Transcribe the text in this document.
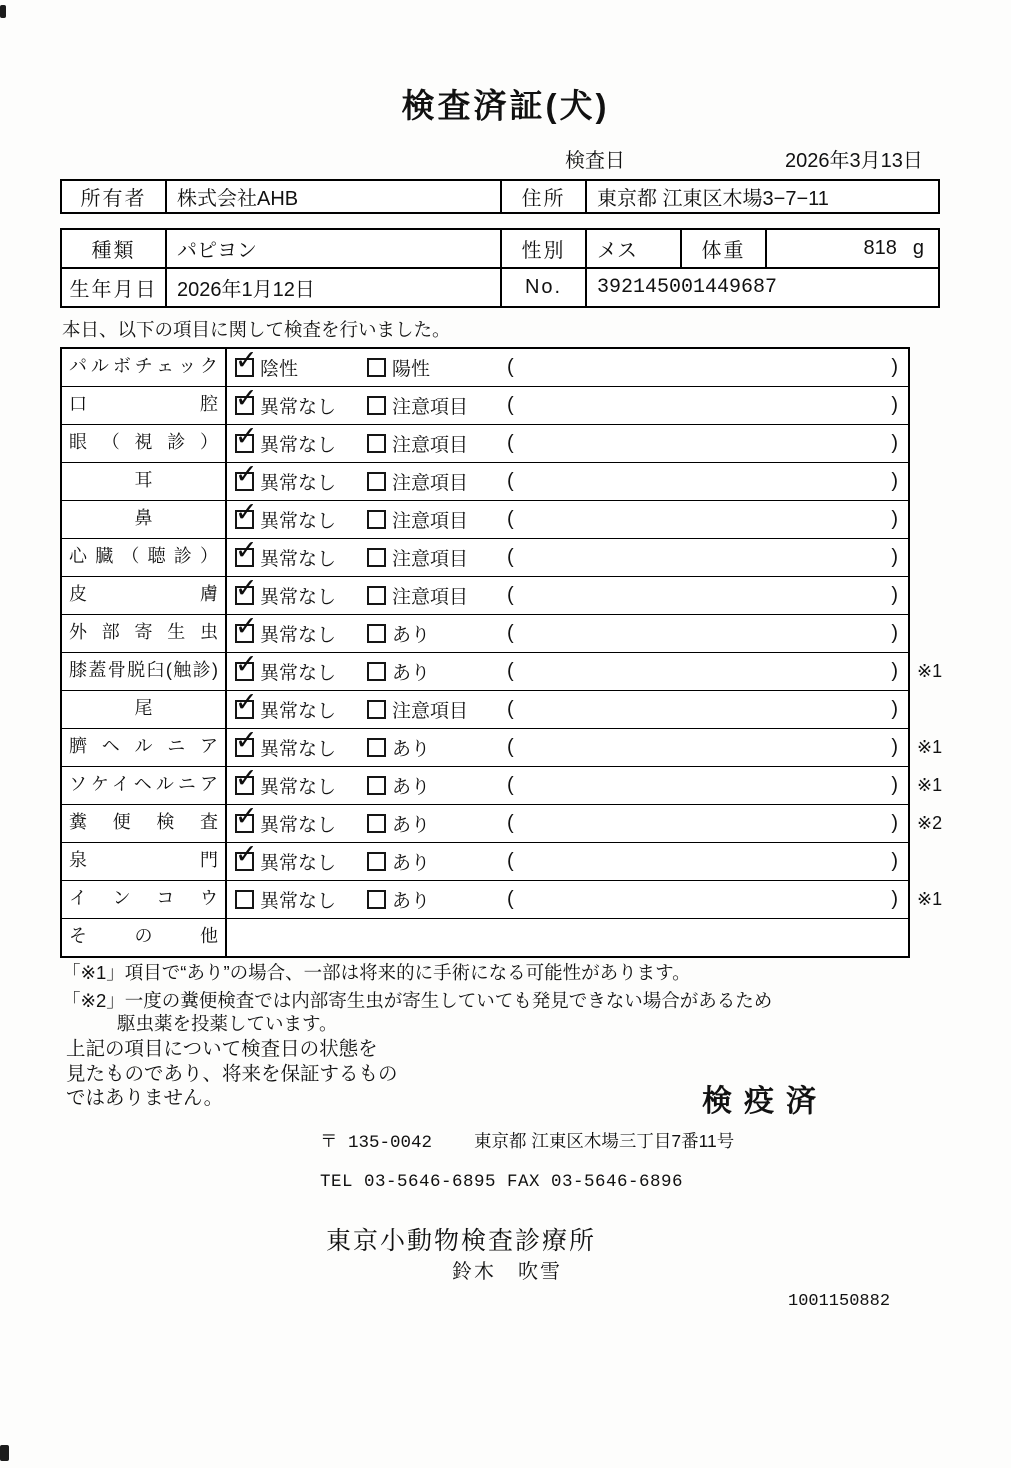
検査済証(犬)
検査日	2026年3月13日
所有者	株式会社AHB	住所	東京都 江東区木場3−7−11
種類	パピヨン	性別	メス	体重	818 g
生年月日 2026年1月12日	No.	392145001449687
本日、以下の項目に関して検査を行いました。
パルボチェック ✓	陰性	陽性	(	)
口腔 ✓	異常なし	注意項目 (	)
眼（視診） ✓	異常なし	注意項目 (	)
耳 ✓	異常なし	注意項目 (	)
鼻 ✓	異常なし	注意項目 (	)
心臓（聴診） ✓	異常なし	注意項目 (	)
皮膚 ✓	異常なし	注意項目 (	)
外部寄生虫 ✓	異常なし	あり	(	)
膝蓋骨脱臼(触診) ✓	異常なし	あり	(	) ※1
尾 ✓	異常なし	注意項目 (	)
臍ヘルニア ✓	異常なし	あり	(	) ※1
ソケイヘルニア ✓	異常なし	あり	(	) ※1
糞便検査 ✓	異常なし	あり	(	) ※2
泉門 ✓	異常なし	あり	(	)
インコウ	異常なし	あり	(	) ※1
その他
「※1」項目で“あり”の場合、一部は将来的に手術になる可能性があります。
「※2」一度の糞便検査では内部寄生虫が寄生していても発見できない場合があるため
駆虫薬を投薬しています。
上記の項目について検査日の状態を
見たものであり、将来を保証するもの
ではありません。	検疫済
〒 135-0042 東京都 江東区木場三丁目7番11号
TEL 03-5646-6895 FAX 03-5646-6896
東京小動物検査診療所
鈴木　吹雪
1001150882
